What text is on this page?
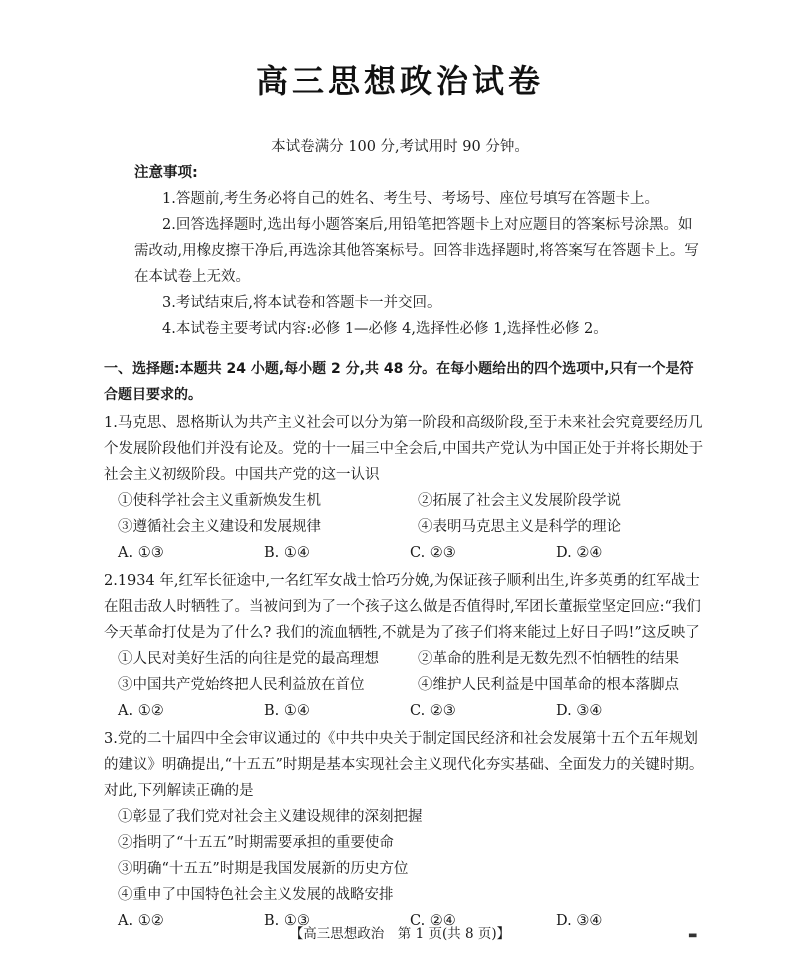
高三思想政治试卷
本试卷满分 100 分,考试用时 90 分钟。
注意事项:
1.答题前,考生务必将自己的姓名、考生号、考场号、座位号填写在答题卡上。
2.回答选择题时,选出每小题答案后,用铅笔把答题卡上对应题目的答案标号涂黑。如需改动,用橡皮擦干净后,再选涂其他答案标号。回答非选择题时,将答案写在答题卡上。写在本试卷上无效。
3.考试结束后,将本试卷和答题卡一并交回。
4.本试卷主要考试内容:必修 1—必修 4,选择性必修 1,选择性必修 2。
一、选择题:本题共 24 小题,每小题 2 分,共 48 分。在每小题给出的四个选项中,只有一个是符合题目要求的。
1.马克思、恩格斯认为共产主义社会可以分为第一阶段和高级阶段,至于未来社会究竟要经历几个发展阶段他们并没有论及。党的十一届三中全会后,中国共产党认为中国正处于并将长期处于社会主义初级阶段。中国共产党的这一认识
①使科学社会主义重新焕发生机	②拓展了社会主义发展阶段学说
③遵循社会主义建设和发展规律	④表明马克思主义是科学的理论
A. ①③	B. ①④	C. ②③	D. ②④
2.1934 年,红军长征途中,一名红军女战士恰巧分娩,为保证孩子顺利出生,许多英勇的红军战士在阻击敌人时牺牲了。当被问到为了一个孩子这么做是否值得时,军团长董振堂坚定回应:“我们今天革命打仗是为了什么? 我们的流血牺牲,不就是为了孩子们将来能过上好日子吗!”这反映了
①人民对美好生活的向往是党的最高理想	②革命的胜利是无数先烈不怕牺牲的结果
③中国共产党始终把人民利益放在首位	④维护人民利益是中国革命的根本落脚点
A. ①②	B. ①④	C. ②③	D. ③④
3.党的二十届四中全会审议通过的《中共中央关于制定国民经济和社会发展第十五个五年规划的建议》明确提出,“十五五”时期是基本实现社会主义现代化夯实基础、全面发力的关键时期。对此,下列解读正确的是
①彰显了我们党对社会主义建设规律的深刻把握
②指明了“十五五”时期需要承担的重要使命
③明确“十五五”时期是我国发展新的历史方位
④重申了中国特色社会主义发展的战略安排
A. ①②	B. ①③	C. ②④	D. ③④
【高三思想政治　第 1 页(共 8 页)】	▬
